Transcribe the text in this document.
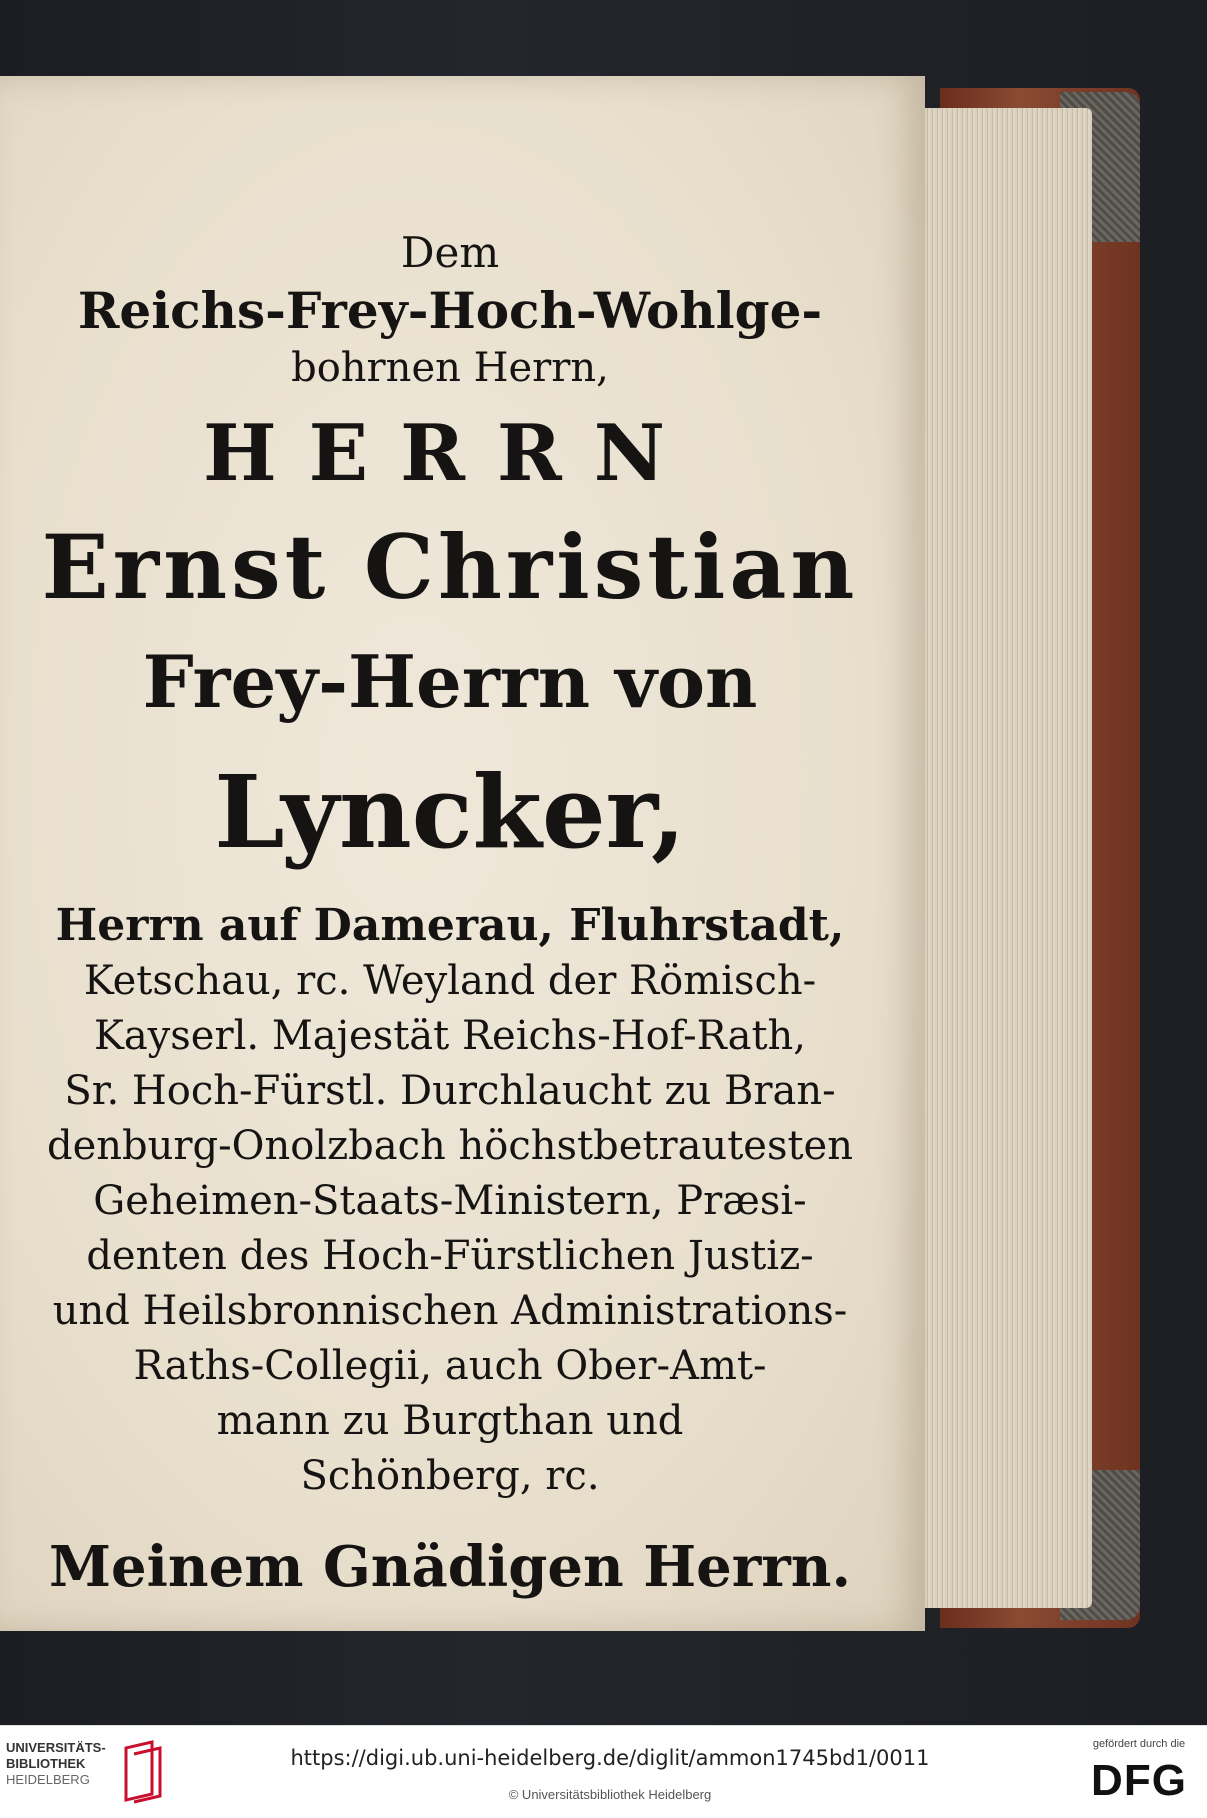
Dem
Reichs-Frey-Hoch-Wohlge-
bohrnen Herrn,
HERRN
Ernst Christian
Frey-Herrn von
Lyncker,
Herrn auf Damerau, Fluhrstadt,
Ketschau, rc. Weyland der Römisch-
Kayserl. Majestät Reichs-Hof-Rath,
Sr. Hoch-Fürstl. Durchlaucht zu Bran-
denburg-Onolzbach höchstbetrautesten
Geheimen-Staats-Ministern, Præsi-
denten des Hoch-Fürstlichen Justiz-
und Heilsbronnischen Administrations-
Raths-Collegii, auch Ober-Amt-
mann zu Burgthan und
Schönberg, rc.
Meinem Gnädigen Herrn.
UNIVERSITÄTS-
BIBLIOTHEK
HEIDELBERG
https://digi.ub.uni-heidelberg.de/diglit/ammon1745bd1/0011
© Universitätsbibliothek Heidelberg
gefördert durch die
DFG
